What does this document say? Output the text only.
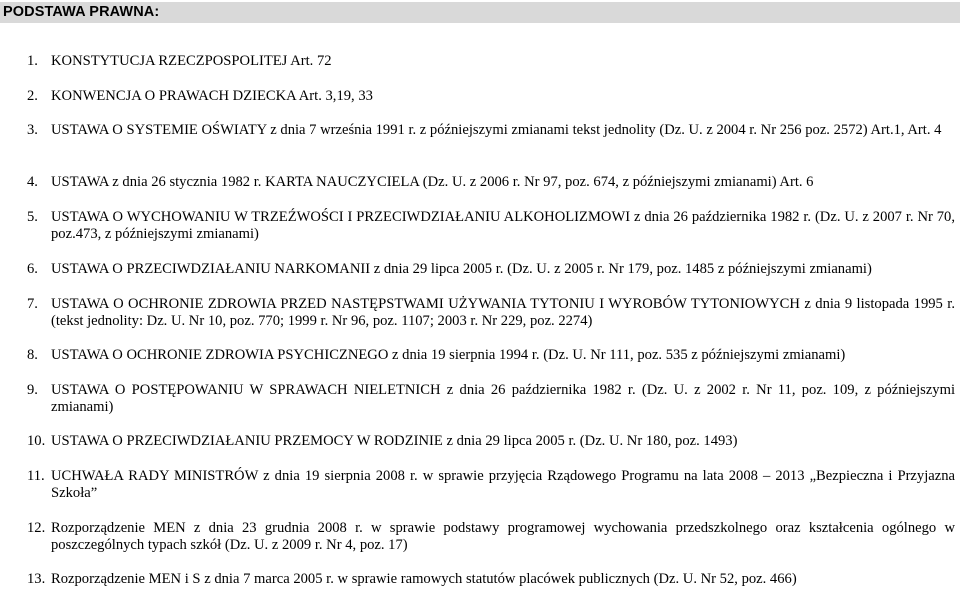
PODSTAWA PRAWNA:
1. KONSTYTUCJA RZECZPOSPOLITEJ Art. 72
2. KONWENCJA O PRAWACH DZIECKA Art. 3,19, 33
3. USTAWA O SYSTEMIE OŚWIATY z dnia 7 września 1991 r. z późniejszymi zmianami tekst jednolity (Dz. U. z 2004 r. Nr 256 poz. 2572) Art.1, Art. 4
4. USTAWA z dnia 26 stycznia 1982 r. KARTA NAUCZYCIELA (Dz. U. z 2006 r. Nr 97, poz. 674, z późniejszymi zmianami) Art. 6
5. USTAWA O WYCHOWANIU W TRZEŹWOŚCI I PRZECIWDZIAŁANIU ALKOHOLIZMOWI z dnia 26 października 1982 r. (Dz. U. z 2007 r. Nr 70, poz.473, z późniejszymi zmianami)
6. USTAWA O PRZECIWDZIAŁANIU NARKOMANII z dnia 29 lipca 2005 r. (Dz. U. z 2005 r. Nr 179, poz. 1485 z późniejszymi zmianami)
7. USTAWA O OCHRONIE ZDROWIA PRZED NASTĘPSTWAMI UŻYWANIA TYTONIU I WYROBÓW TYTONIOWYCH z dnia 9 listopada 1995 r. (tekst jednolity: Dz. U. Nr 10, poz. 770; 1999 r. Nr 96, poz. 1107; 2003 r. Nr 229, poz. 2274)
8. USTAWA O OCHRONIE ZDROWIA PSYCHICZNEGO z dnia 19 sierpnia 1994 r. (Dz. U. Nr 111, poz. 535 z późniejszymi zmianami)
9. USTAWA O POSTĘPOWANIU W SPRAWACH NIELETNICH z dnia 26 października 1982 r. (Dz. U. z 2002 r. Nr 11, poz. 109, z późniejszymi zmianami)
10. USTAWA O PRZECIWDZIAŁANIU PRZEMOCY W RODZINIE z dnia 29 lipca 2005 r. (Dz. U. Nr 180, poz. 1493)
11. UCHWAŁA RADY MINISTRÓW z dnia 19 sierpnia 2008 r. w sprawie przyjęcia Rządowego Programu na lata 2008 – 2013 „Bezpieczna i Przyjazna Szkoła”
12. Rozporządzenie MEN z dnia 23 grudnia 2008 r. w sprawie podstawy programowej wychowania przedszkolnego oraz kształcenia ogólnego w poszczególnych typach szkół (Dz. U. z 2009 r. Nr 4, poz. 17)
13. Rozporządzenie MEN i S z dnia 7 marca 2005 r. w sprawie ramowych statutów placówek publicznych (Dz. U. Nr 52, poz. 466)
